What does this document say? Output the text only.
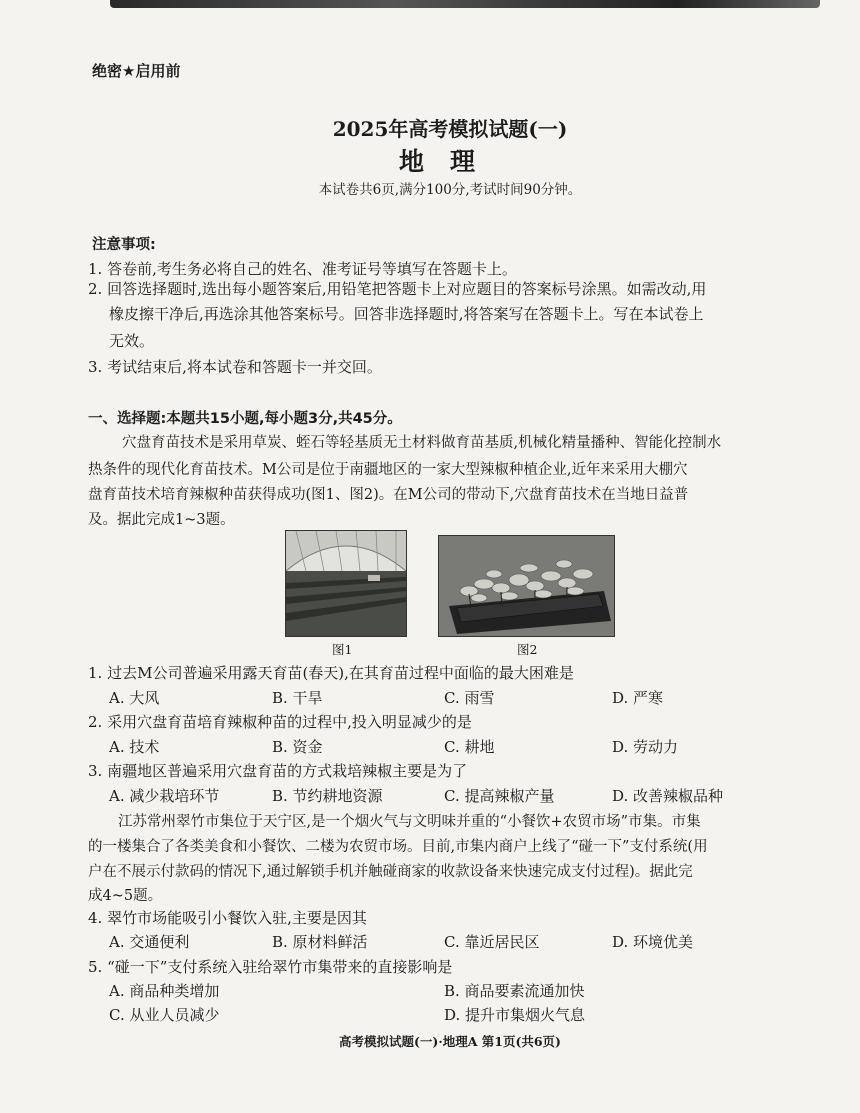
绝密★启用前
2025年高考模拟试题(一)
地理
本试卷共6页,满分100分,考试时间90分钟。
注意事项:
1. 答卷前,考生务必将自己的姓名、准考证号等填写在答题卡上。
2. 回答选择题时,选出每小题答案后,用铅笔把答题卡上对应题目的答案标号涂黑。如需改动,用
橡皮擦干净后,再选涂其他答案标号。回答非选择题时,将答案写在答题卡上。写在本试卷上
无效。
3. 考试结束后,将本试卷和答题卡一并交回。
一、选择题:本题共15小题,每小题3分,共45分。
穴盘育苗技术是采用草炭、蛭石等轻基质无土材料做育苗基质,机械化精量播种、智能化控制水
热条件的现代化育苗技术。M公司是位于南疆地区的一家大型辣椒种植企业,近年来采用大棚穴
盘育苗技术培育辣椒种苗获得成功(图1、图2)。在M公司的带动下,穴盘育苗技术在当地日益普
及。据此完成1~3题。
图1	图2
1. 过去M公司普遍采用露天育苗(春天),在其育苗过程中面临的最大困难是
A. 大风	B. 干旱	C. 雨雪	D. 严寒
2. 采用穴盘育苗培育辣椒种苗的过程中,投入明显减少的是
A. 技术	B. 资金	C. 耕地	D. 劳动力
3. 南疆地区普遍采用穴盘育苗的方式栽培辣椒主要是为了
A. 减少栽培环节	B. 节约耕地资源	C. 提高辣椒产量	D. 改善辣椒品种
江苏常州翠竹市集位于天宁区,是一个烟火气与文明味并重的“小餐饮+农贸市场”市集。市集
的一楼集合了各类美食和小餐饮、二楼为农贸市场。目前,市集内商户上线了“碰一下”支付系统(用
户在不展示付款码的情况下,通过解锁手机并触碰商家的收款设备来快速完成支付过程)。据此完
成4~5题。
4. 翠竹市场能吸引小餐饮入驻,主要是因其
A. 交通便利	B. 原材料鲜活	C. 靠近居民区	D. 环境优美
5. “碰一下”支付系统入驻给翠竹市集带来的直接影响是
A. 商品种类增加	B. 商品要素流通加快
C. 从业人员减少	D. 提升市集烟火气息
高考模拟试题(一)·地理A 第1页(共6页)
